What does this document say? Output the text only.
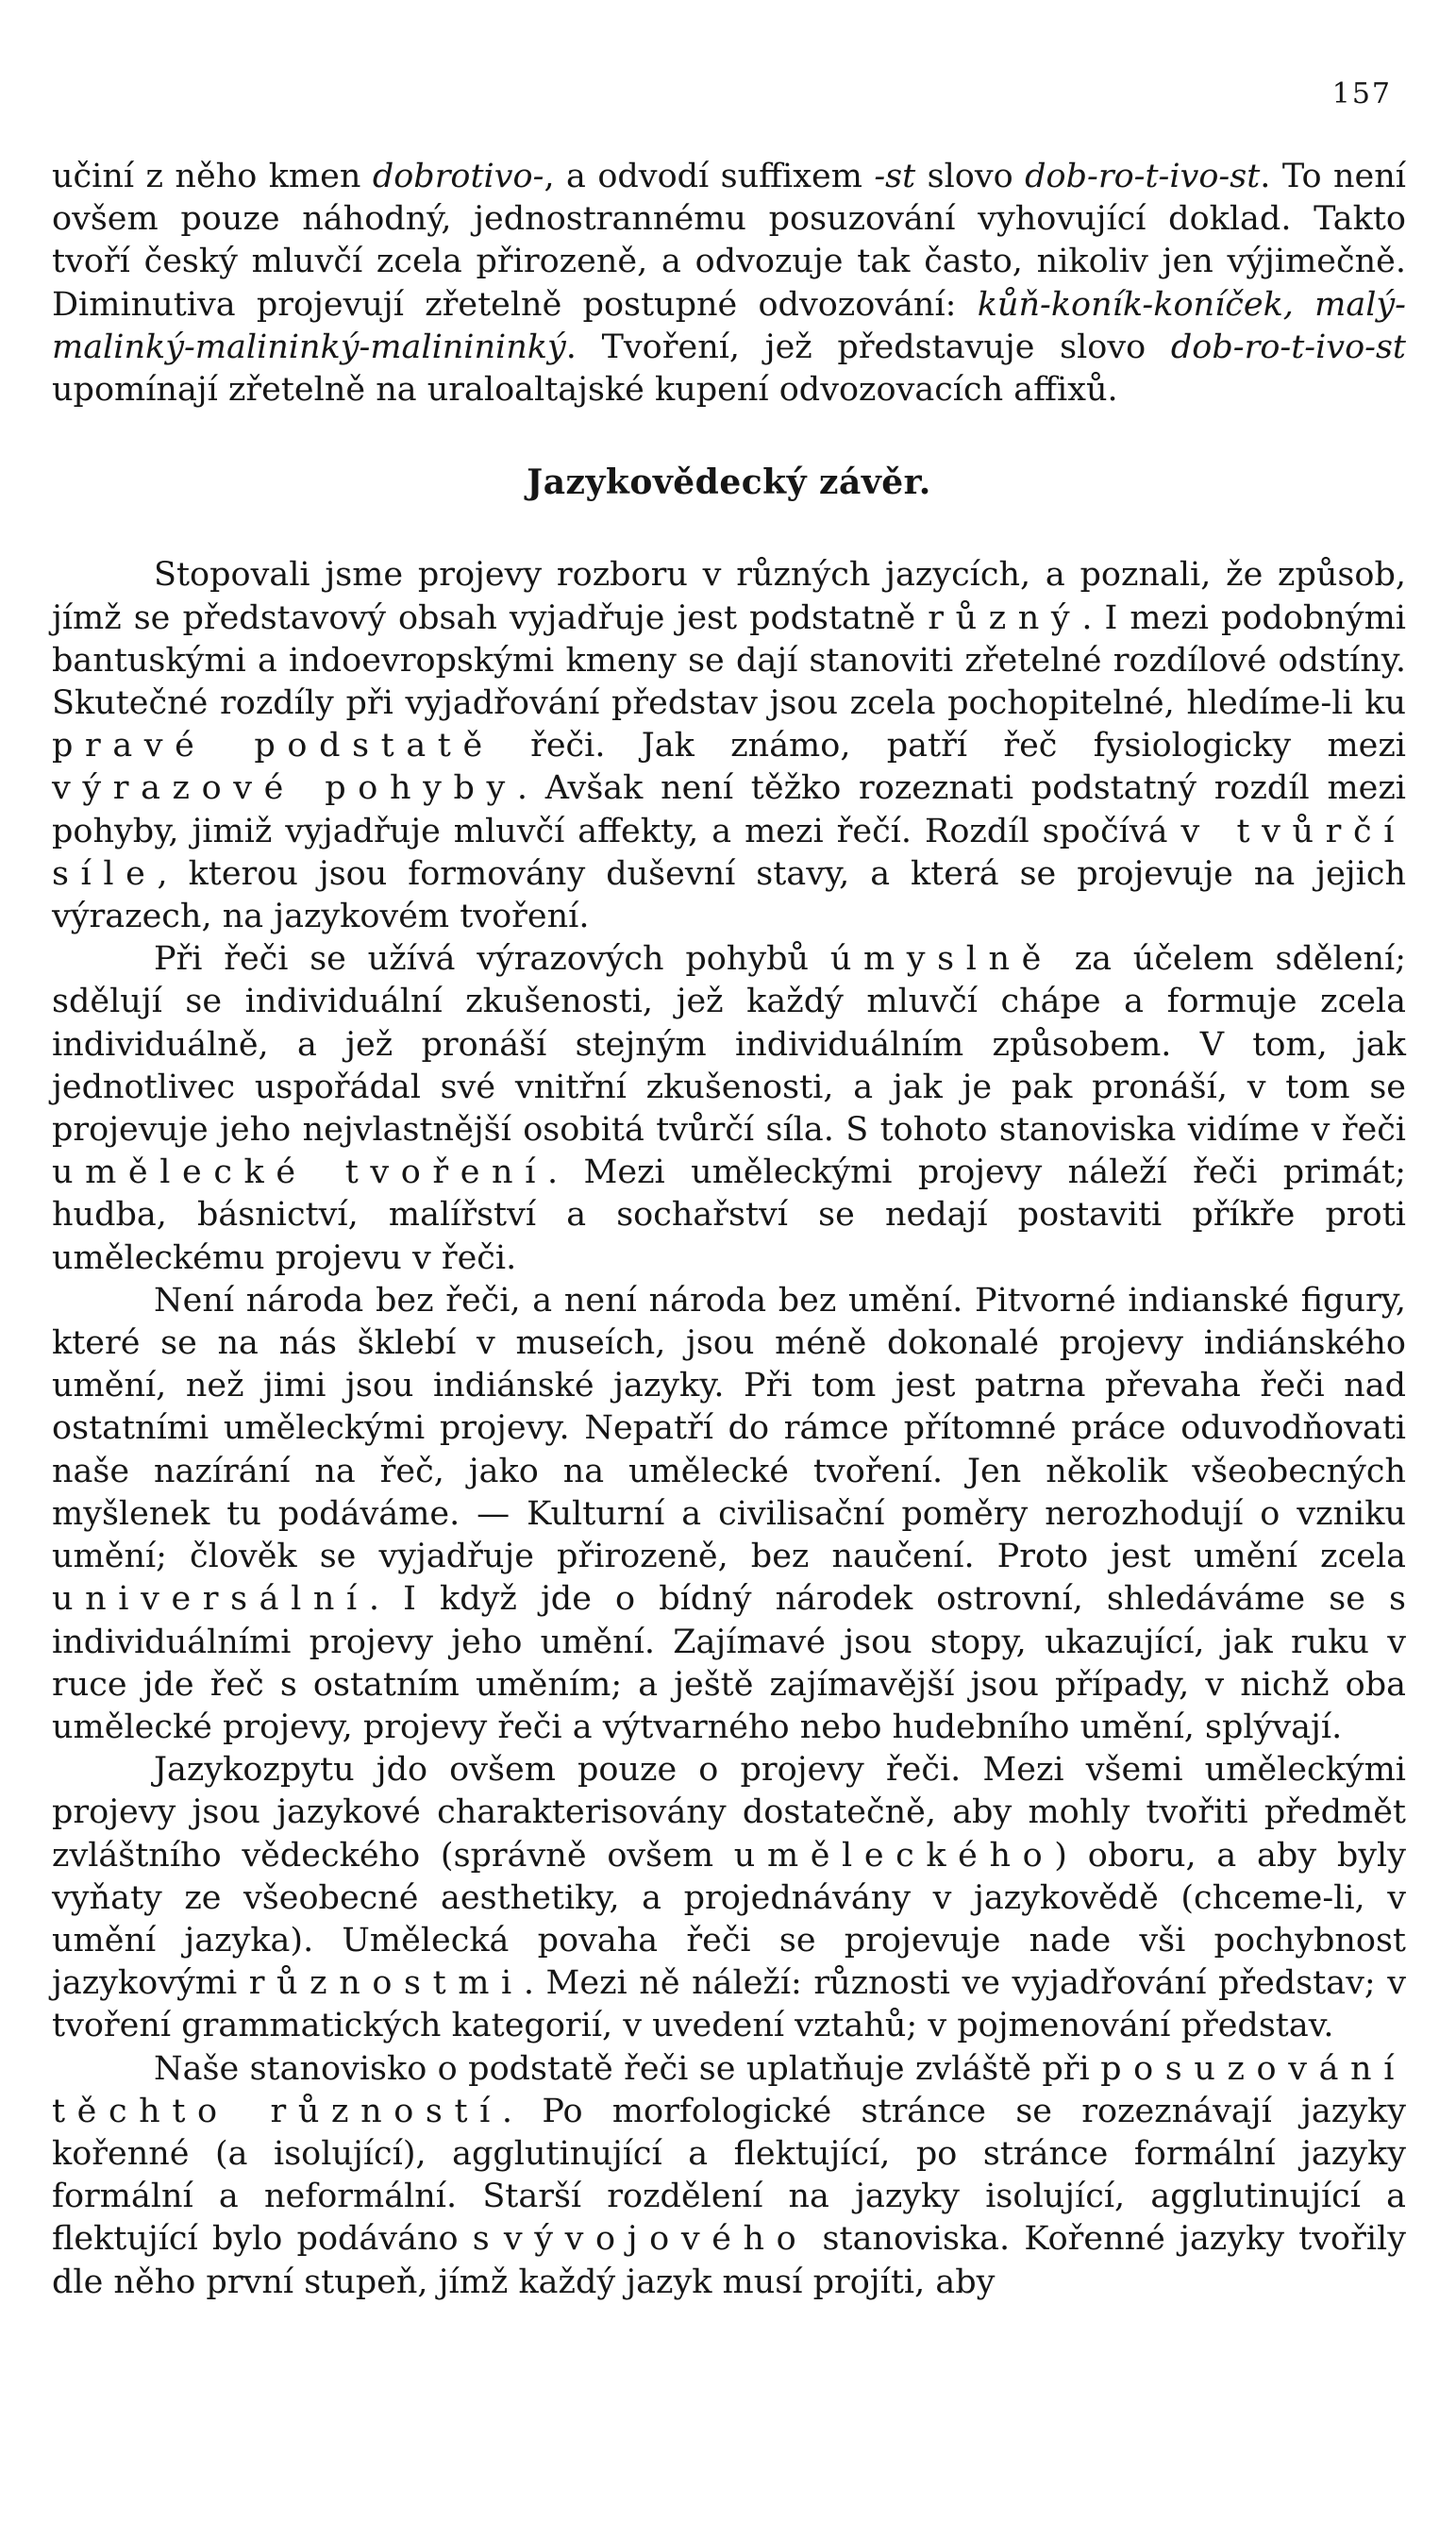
157

učiní z něho kmen dobrotivo-, a odvodí suffixem -st slovo dob-ro-t-ivo-st. To není ovšem pouze náhodný, jednostrannému posuzování vyhovující doklad. Takto tvoří český mluvčí zcela přirozeně, a odvozuje tak často, nikoliv jen výjimečně. Diminutiva projevují zřetelně postupné odvozování: kůň-koník-koníček, malý-malinký-malininký-malinininký. Tvoření, jež představuje slovo dob-ro-t-ivo-st upomínají zřetelně na uraloaltajské kupení odvozovacích affixů.

Jazykovědecký závěr.

Stopovali jsme projevy rozboru v různých jazycích, a poznali, že způsob, jímž se představový obsah vyjadřuje jest podstatně různý. I mezi podobnými bantuskými a indoevropskými kmeny se dají stanoviti zřetelné rozdílové odstíny. Skutečné rozdíly při vyjadřování představ jsou zcela pochopitelné, hledíme-li ku pravé podstatě řeči. Jak známo, patří řeč fysiologicky mezi výrazové pohyby. Avšak není těžko rozeznati podstatný rozdíl mezi pohyby, jimiž vyjadřuje mluvčí affekty, a mezi řečí. Rozdíl spočívá v tvůrčí síle, kterou jsou formovány duševní stavy, a která se projevuje na jejich výrazech, na jazykovém tvoření.

Při řeči se užívá výrazových pohybů úmyslně za účelem sdělení; sdělují se individuální zkušenosti, jež každý mluvčí chápe a formuje zcela individuálně, a jež pronáší stejným individuálním způsobem. V tom, jak jednotlivec uspořádal své vnitřní zkušenosti, a jak je pak pronáší, v tom se projevuje jeho nejvlastnější osobitá tvůrčí síla. S tohoto stanoviska vidíme v řeči umělecké tvoření. Mezi uměleckými projevy náleží řeči primát; hudba, básnictví, malířství a sochařství se nedají postaviti příkře proti uměleckému projevu v řeči.

Není národa bez řeči, a není národa bez umění. Pitvorné indianské figury, které se na nás šklebí v museích, jsou méně dokonalé projevy indiánského umění, než jimi jsou indiánské jazyky. Při tom jest patrna převaha řeči nad ostatními uměleckými projevy. Nepatří do rámce přítomné práce oduvodňovati naše nazírání na řeč, jako na umělecké tvoření. Jen několik všeobecných myšlenek tu podáváme. — Kulturní a civilisační poměry nerozhodují o vzniku umění; člověk se vyjadřuje přirozeně, bez naučení. Proto jest umění zcela universální. I když jde o bídný národek ostrovní, shledáváme se s individuálními projevy jeho umění. Zajímavé jsou stopy, ukazující, jak ruku v ruce jde řeč s ostatním uměním; a ještě zajímavější jsou případy, v nichž oba umělecké projevy, projevy řeči a výtvarného nebo hudebního umění, splývají.

Jazykozpytu jdo ovšem pouze o projevy řeči. Mezi všemi uměleckými projevy jsou jazykové charakterisovány dostatečně, aby mohly tvořiti předmět zvláštního vědeckého (správně ovšem uměleckého) oboru, a aby byly vyňaty ze všeobecné aesthetiky, a projednávány v jazykovědě (chceme-li, v umění jazyka). Umělecká povaha řeči se projevuje nade vši pochybnost jazykovými různostmi. Mezi ně náleží: různosti ve vyjadřování představ; v tvoření grammatických kategorií, v uvedení vztahů; v pojmenování představ.

Naše stanovisko o podstatě řeči se uplatňuje zvláště při posuzování těchto růzností. Po morfologické stránce se rozeznávají jazyky kořenné (a isolující), agglutinující a flektující, po stránce formální jazyky formální a neformální. Starší rozdělení na jazyky isolující, agglutinující a flektující bylo podáváno s vývojového stanoviska. Kořenné jazyky tvořily dle něho první stupeň, jímž každý jazyk musí projíti, aby
